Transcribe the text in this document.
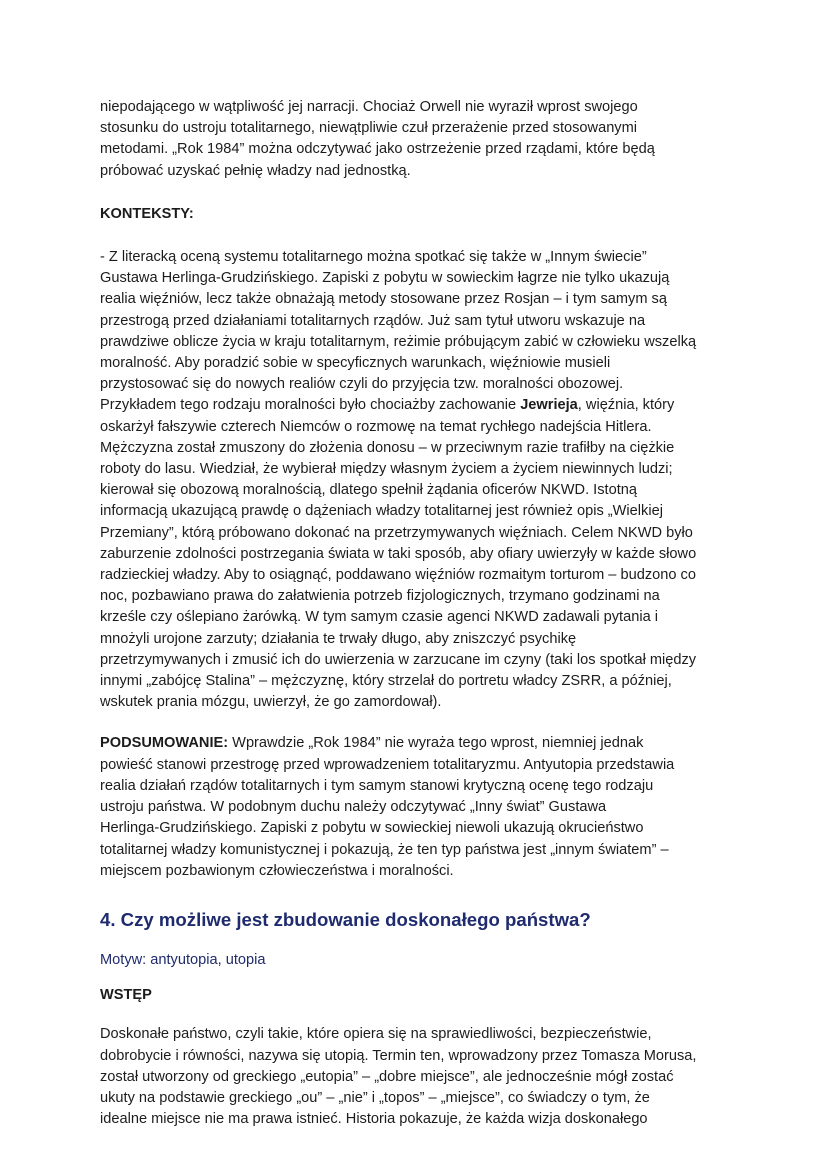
niepodającego w wątpliwość jej narracji. Chociaż Orwell nie wyraził wprost swojego
stosunku do ustroju totalitarnego, niewątpliwie czuł przerażenie przed stosowanymi
metodami. „Rok 1984” można odczytywać jako ostrzeżenie przed rządami, które będą
próbować uzyskać pełnię władzy nad jednostką.

KONTEKSTY:

- Z literacką oceną systemu totalitarnego można spotkać się także w „Innym świecie”
Gustawa Herlinga-Grudzińskiego. Zapiski z pobytu w sowieckim łagrze nie tylko ukazują
realia więźniów, lecz także obnażają metody stosowane przez Rosjan – i tym samym są
przestrogą przed działaniami totalitarnych rządów. Już sam tytuł utworu wskazuje na
prawdziwe oblicze życia w kraju totalitarnym, reżimie próbującym zabić w człowieku wszelką
moralność. Aby poradzić sobie w specyficznych warunkach, więźniowie musieli
przystosować się do nowych realiów czyli do przyjęcia tzw. moralności obozowej.
Przykładem tego rodzaju moralności było chociażby zachowanie Jewrieja, więźnia, który
oskarżył fałszywie czterech Niemców o rozmowę na temat rychłego nadejścia Hitlera.
Mężczyzna został zmuszony do złożenia donosu – w przeciwnym razie trafiłby na ciężkie
roboty do lasu. Wiedział, że wybierał między własnym życiem a życiem niewinnych ludzi;
kierował się obozową moralnością, dlatego spełnił żądania oficerów NKWD. Istotną
informacją ukazującą prawdę o dążeniach władzy totalitarnej jest również opis „Wielkiej
Przemiany”, którą próbowano dokonać na przetrzymywanych więźniach. Celem NKWD było
zaburzenie zdolności postrzegania świata w taki sposób, aby ofiary uwierzyły w każde słowo
radzieckiej władzy. Aby to osiągnąć, poddawano więźniów rozmaitym torturom – budzono co
noc, pozbawiano prawa do załatwienia potrzeb fizjologicznych, trzymano godzinami na
krześle czy oślepiano żarówką. W tym samym czasie agenci NKWD zadawali pytania i
mnożyli urojone zarzuty; działania te trwały długo, aby zniszczyć psychikę
przetrzymywanych i zmusić ich do uwierzenia w zarzucane im czyny (taki los spotkał między
innymi „zabójcę Stalina” – mężczyznę, który strzelał do portretu władcy ZSRR, a później,
wskutek prania mózgu, uwierzył, że go zamordował).

PODSUMOWANIE: Wprawdzie „Rok 1984” nie wyraża tego wprost, niemniej jednak
powieść stanowi przestrogę przed wprowadzeniem totalitaryzmu. Antyutopia przedstawia
realia działań rządów totalitarnych i tym samym stanowi krytyczną ocenę tego rodzaju
ustroju państwa. W podobnym duchu należy odczytywać „Inny świat” Gustawa
Herlinga-Grudzińskiego. Zapiski z pobytu w sowieckiej niewoli ukazują okrucieństwo
totalitarnej władzy komunistycznej i pokazują, że ten typ państwa jest „innym światem” –
miejscem pozbawionym człowieczeństwa i moralności.

4. Czy możliwe jest zbudowanie doskonałego państwa?

Motyw: antyutopia, utopia

WSTĘP

Doskonałe państwo, czyli takie, które opiera się na sprawiedliwości, bezpieczeństwie,
dobrobycie i równości, nazywa się utopią. Termin ten, wprowadzony przez Tomasza Morusa,
został utworzony od greckiego „eutopia” – „dobre miejsce”, ale jednocześnie mógł zostać
ukuty na podstawie greckiego „ou” – „nie” i „topos” – „miejsce”, co świadczy o tym, że
idealne miejsce nie ma prawa istnieć. Historia pokazuje, że każda wizja doskonałego
